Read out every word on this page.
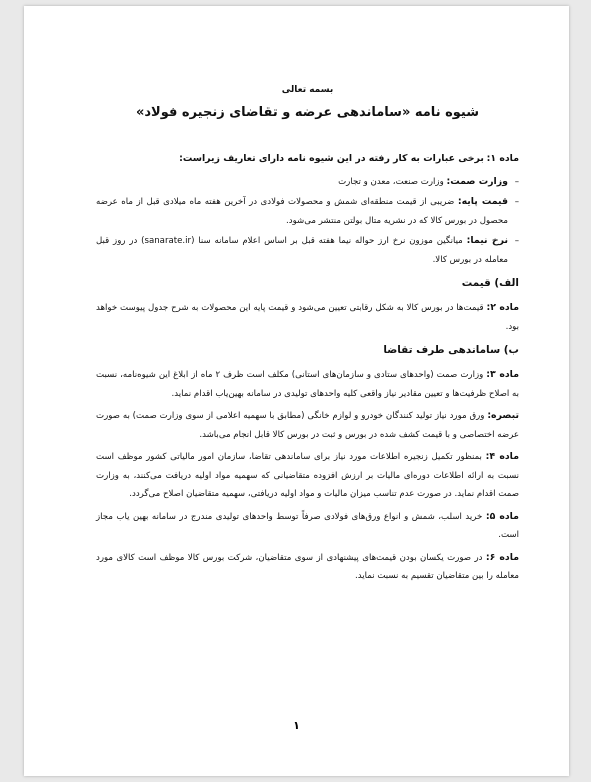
بسمه تعالی
شیوه نامه «ساماندهی عرضه و تقاضای زنجیره فولاد»
ماده ۱: برخی عبارات به کار رفته در این شیوه نامه دارای تعاریف زیراست:
– وزارت صمت: وزارت صنعت، معدن و تجارت
– قیمت پایه: ضریبی از قیمت منطقه‌ای شمش و محصولات فولادی در آخرین هفته ماه میلادی قبل از ماه عرضه محصول در بورس کالا که در نشریه متال بولتن منتشر می‌شود.
– نرخ نیما: میانگین موزون نرخ ارز حواله نیما هفته قبل بر اساس اعلام سامانه سنا (sanarate.ir) در روز قبل معامله در بورس کالا.
الف) قیمت
ماده ۲: قیمت‌ها در بورس کالا به شکل رقابتی تعیین می‌شود و قیمت پایه این محصولات به شرح جدول پیوست خواهد بود.
ب) ساماندهی طرف تقاضا
ماده ۳: وزارت صمت (واحدهای ستادی و سازمان‌های استانی) مکلف است ظرف ۲ ماه از ابلاغ این شیوه‌نامه، نسبت به اصلاح ظرفیت‌ها و تعیین مقادیر نیاز واقعی کلیه واحدهای تولیدی در سامانه بهین‌یاب اقدام نماید.
تبصره: ورق مورد نیاز تولید کنندگان خودرو و لوازم خانگی (مطابق با سهمیه اعلامی از سوی وزارت صمت) به صورت عرضه اختصاصی و با قیمت کشف شده در بورس و ثبت در بورس کالا قابل انجام می‌باشد.
ماده ۴: بمنظور تکمیل زنجیره اطلاعات مورد نیاز برای ساماندهی تقاضا، سازمان امور مالیاتی کشور موظف است نسبت به ارائه اطلاعات دوره‌ای مالیات بر ارزش افزوده متقاضیانی که سهمیه مواد اولیه دریافت می‌کنند، به وزارت صمت اقدام نماید. در صورت عدم تناسب میزان مالیات و مواد اولیه دریافتی، سهمیه متقاضیان اصلاح می‌گردد.
ماده ۵: خرید اسلب، شمش و انواع ورق‌های فولادی صرفاً توسط واحدهای تولیدی مندرج در سامانه بهین یاب مجاز است.
ماده ۶: در صورت یکسان بودن قیمت‌های پیشنهادی از سوی متقاضیان، شرکت بورس کالا موظف است کالای مورد معامله را بین متقاضیان تقسیم به نسبت نماید.
۱
